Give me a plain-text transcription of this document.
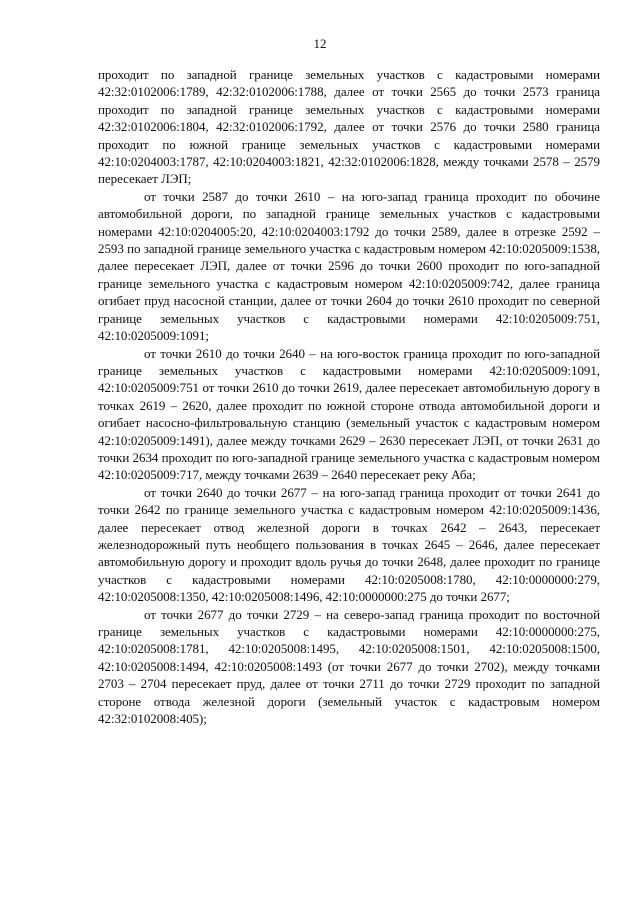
12

проходит по западной границе земельных участков с кадастровыми номерами 42:32:0102006:1789, 42:32:0102006:1788, далее от точки 2565 до точки 2573 граница проходит по западной границе земельных участков с кадастровыми номерами 42:32:0102006:1804, 42:32:0102006:1792, далее от точки 2576 до точки 2580 граница проходит по южной границе земельных участков с кадастровыми номерами 42:10:0204003:1787, 42:10:0204003:1821, 42:32:0102006:1828, между точками 2578 – 2579 пересекает ЛЭП;

от точки 2587 до точки 2610 – на юго-запад граница проходит по обочине автомобильной дороги, по западной границе земельных участков с кадастровыми номерами 42:10:0204005:20, 42:10:0204003:1792 до точки 2589, далее в отрезке 2592 – 2593 по западной границе земельного участка с кадастровым номером 42:10:0205009:1538, далее пересекает ЛЭП, далее от точки 2596 до точки 2600 проходит по юго-западной границе земельного участка с кадастровым номером 42:10:0205009:742, далее граница огибает пруд насосной станции, далее от точки 2604 до точки 2610 проходит по северной границе земельных участков с кадастровыми номерами 42:10:0205009:751, 42:10:0205009:1091;

от точки 2610 до точки 2640 – на юго-восток граница проходит по юго-западной границе земельных участков с кадастровыми номерами 42:10:0205009:1091, 42:10:0205009:751 от точки 2610 до точки 2619, далее пересекает автомобильную дорогу в точках 2619 – 2620, далее проходит по южной стороне отвода автомобильной дороги и огибает насосно-фильтровальную станцию (земельный участок с кадастровым номером 42:10:0205009:1491), далее между точками 2629 – 2630 пересекает ЛЭП, от точки 2631 до точки 2634 проходит по юго-западной границе земельного участка с кадастровым номером 42:10:0205009:717, между точками 2639 – 2640 пересекает реку Аба;

от точки 2640 до точки 2677 – на юго-запад граница проходит от точки 2641 до точки 2642 по границе земельного участка с кадастровым номером 42:10:0205009:1436, далее пересекает отвод железной дороги в точках 2642 – 2643, пересекает железнодорожный путь необщего пользования в точках 2645 – 2646, далее пересекает автомобильную дорогу и проходит вдоль ручья до точки 2648, далее проходит по границе участков с кадастровыми номерами 42:10:0205008:1780, 42:10:0000000:279, 42:10:0205008:1350, 42:10:0205008:1496, 42:10:0000000:275 до точки 2677;

от точки 2677 до точки 2729 – на северо-запад граница проходит по восточной границе земельных участков с кадастровыми номерами 42:10:0000000:275, 42:10:0205008:1781, 42:10:0205008:1495, 42:10:0205008:1501, 42:10:0205008:1500, 42:10:0205008:1494, 42:10:0205008:1493 (от точки 2677 до точки 2702), между точками 2703 – 2704 пересекает пруд, далее от точки 2711 до точки 2729 проходит по западной стороне отвода железной дороги (земельный участок с кадастровым номером 42:32:0102008:405);
